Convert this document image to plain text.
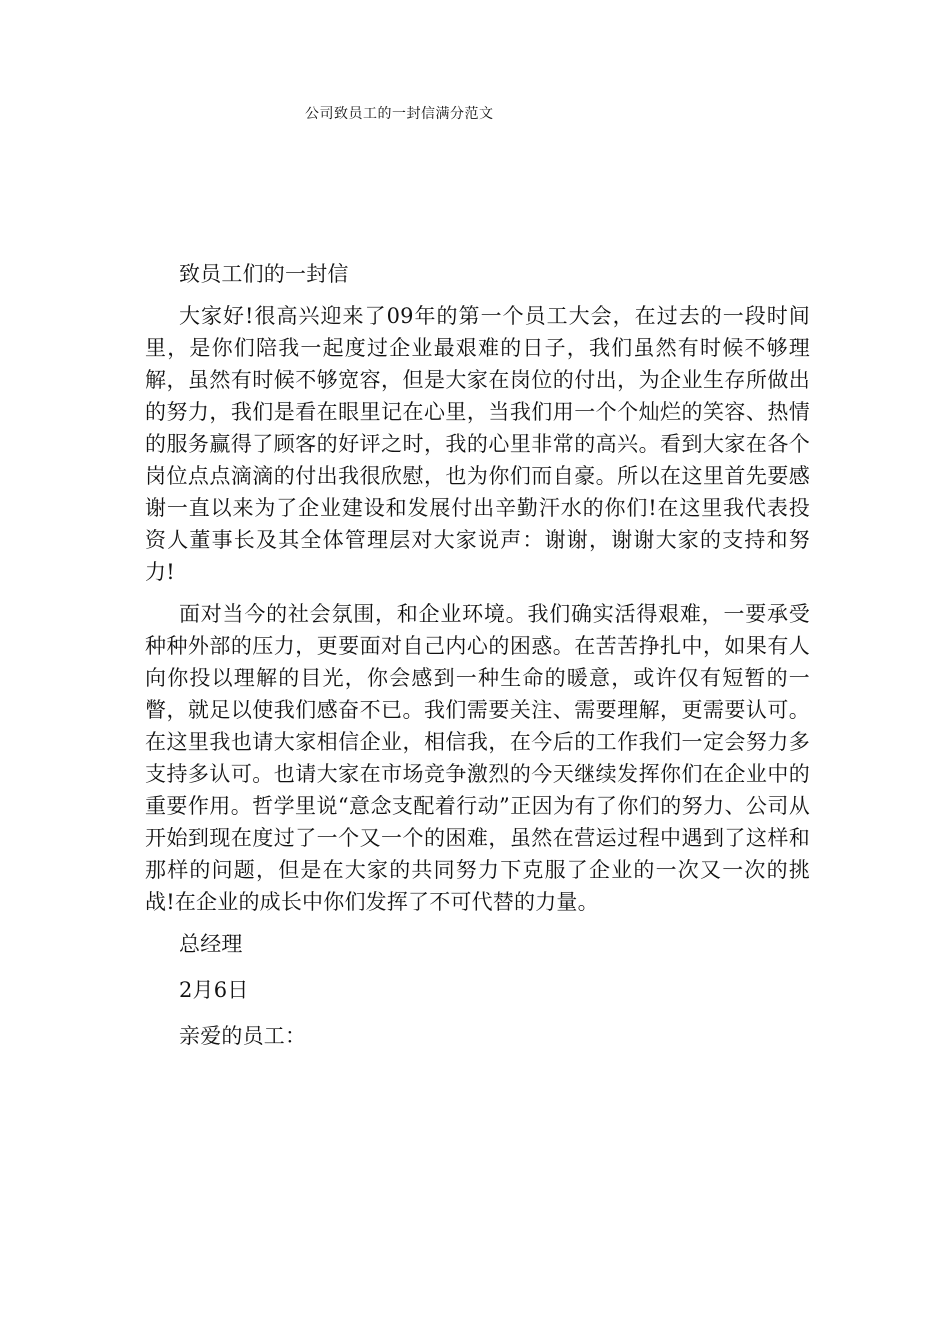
公司致员工的一封信满分范文

致员工们的一封信

大家好!很高兴迎来了09年的第一个员工大会，在过去的一段时间里，是你们陪我一起度过企业最艰难的日子，我们虽然有时候不够理解，虽然有时候不够宽容，但是大家在岗位的付出，为企业生存所做出的努力，我们是看在眼里记在心里，当我们用一个个灿烂的笑容、热情的服务赢得了顾客的好评之时，我的心里非常的高兴。看到大家在各个岗位点点滴滴的付出我很欣慰，也为你们而自豪。所以在这里首先要感谢一直以来为了企业建设和发展付出辛勤汗水的你们!在这里我代表投资人董事长及其全体管理层对大家说声：谢谢，谢谢大家的支持和努力!

面对当今的社会氛围，和企业环境。我们确实活得艰难，一要承受种种外部的压力，更要面对自己内心的困惑。在苦苦挣扎中，如果有人向你投以理解的目光，你会感到一种生命的暖意，或许仅有短暂的一瞥，就足以使我们感奋不已。我们需要关注、需要理解，更需要认可。在这里我也请大家相信企业，相信我，在今后的工作我们一定会努力多支持多认可。也请大家在市场竞争激烈的今天继续发挥你们在企业中的重要作用。哲学里说“意念支配着行动”正因为有了你们的努力、公司从开始到现在度过了一个又一个的困难，虽然在营运过程中遇到了这样和那样的问题，但是在大家的共同努力下克服了企业的一次又一次的挑战!在企业的成长中你们发挥了不可代替的力量。

总经理

2月6日

亲爱的员工：
